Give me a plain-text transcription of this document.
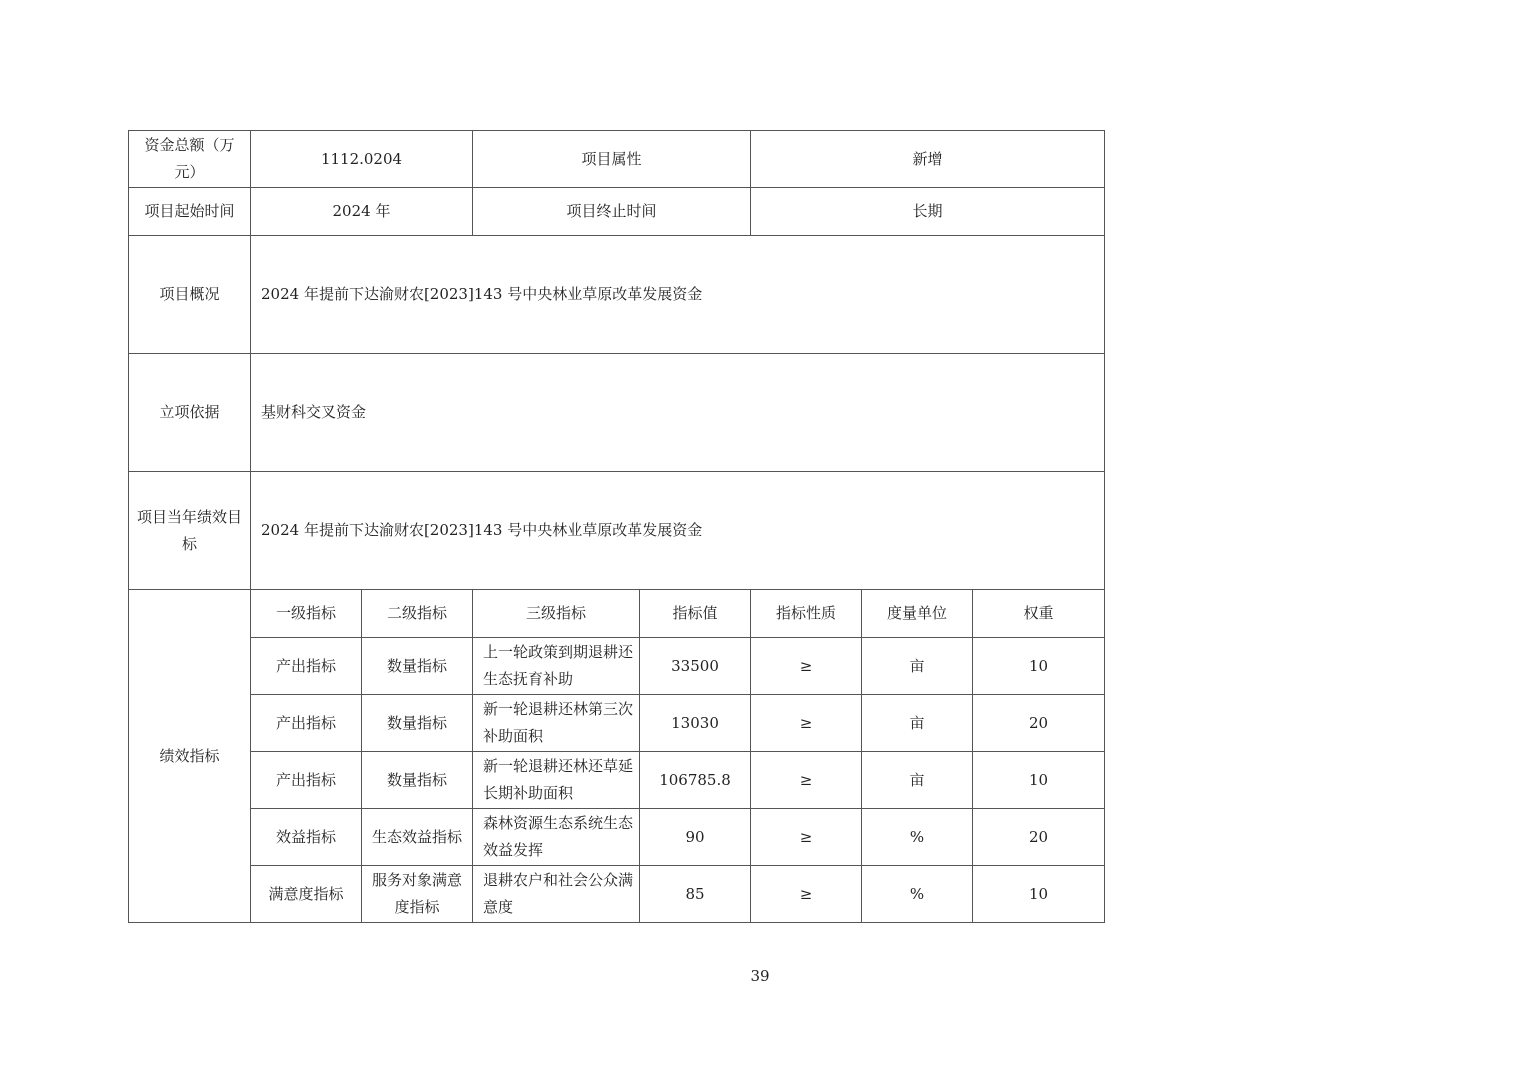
资金总额（万元）	1112.0204		项目属性		新增		
项目起始时间	2024 年		项目终止时间		长期		
项目概况	2024 年提前下达渝财农[2023]143 号中央林业草原改革发展资金						
立项依据	基财科交叉资金						
项目当年绩效目标	2024 年提前下达渝财农[2023]143 号中央林业草原改革发展资金						
绩效指标	一级指标	二级指标	三级指标	指标值	指标性质	度量单位	权重
	产出指标	数量指标	上一轮政策到期退耕还生态抚育补助	33500	≥	亩	10
	产出指标	数量指标	新一轮退耕还林第三次补助面积	13030	≥	亩	20
	产出指标	数量指标	新一轮退耕还林还草延长期补助面积	106785.8	≥	亩	10
	效益指标	生态效益指标	森林资源生态系统生态效益发挥	90	≥	%	20
	满意度指标	服务对象满意度指标	退耕农户和社会公众满意度	85	≥	%	10
39
